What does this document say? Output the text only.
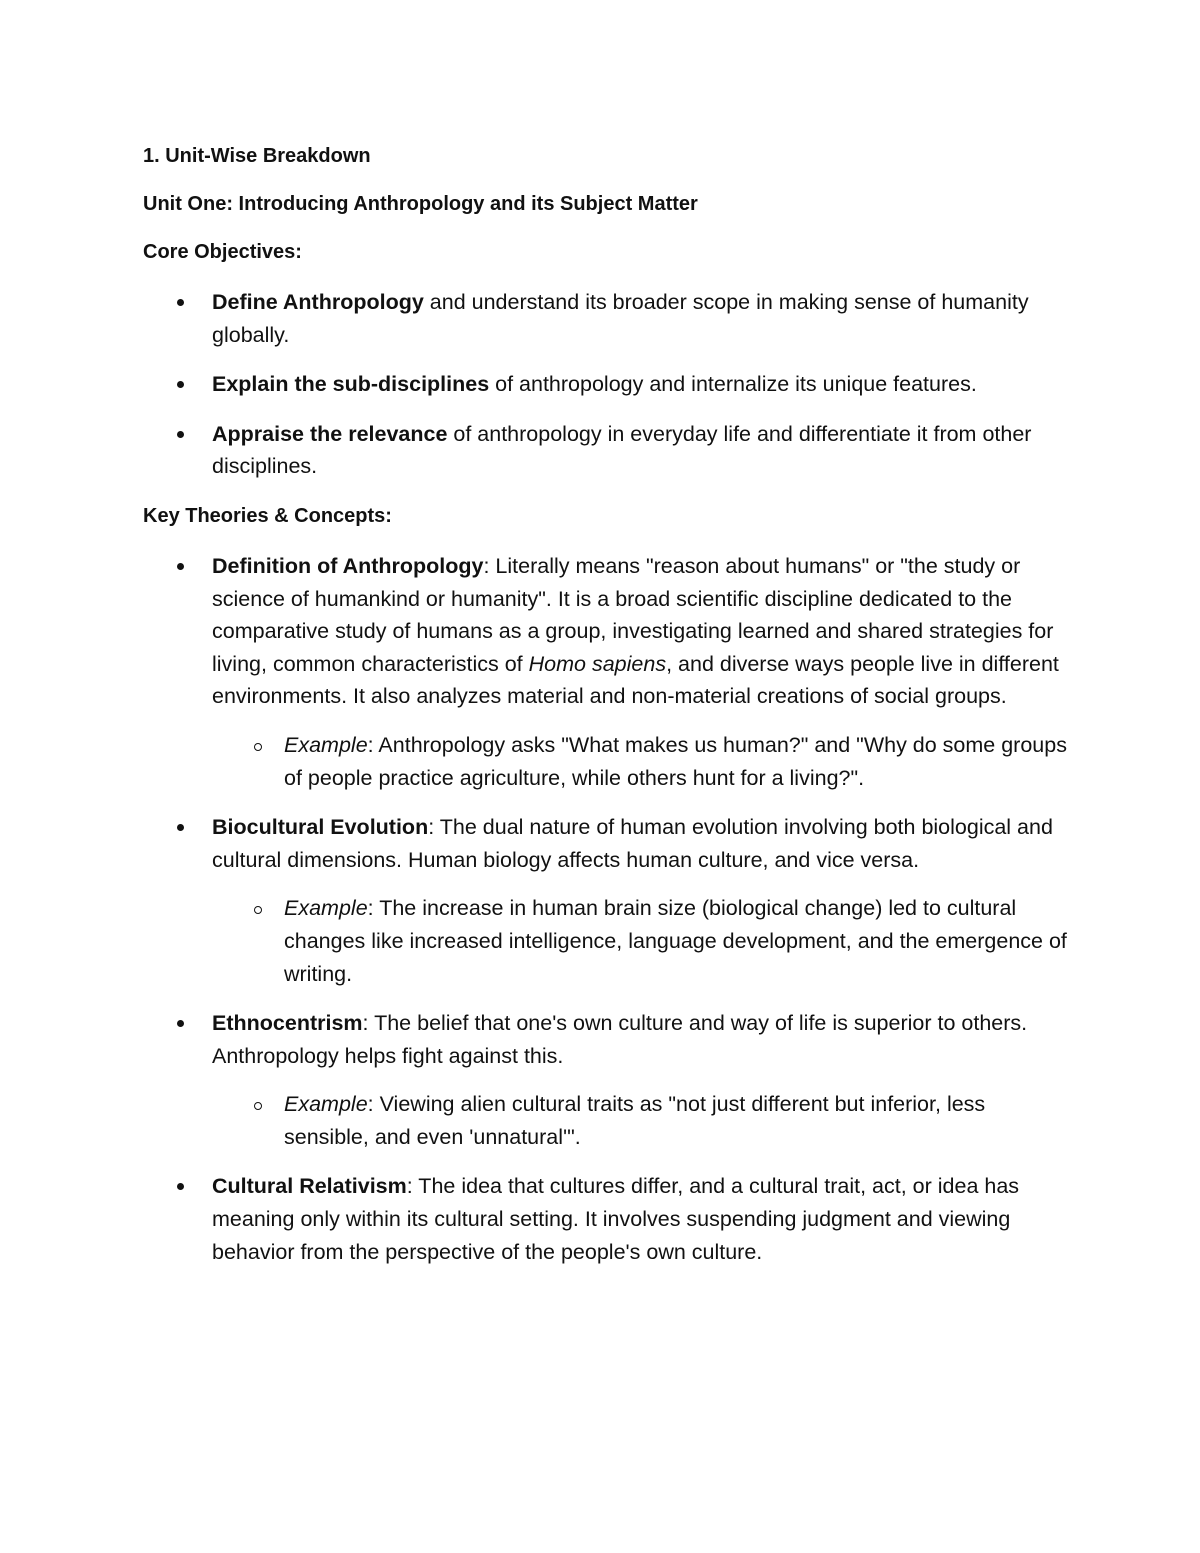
1. Unit-Wise Breakdown

Unit One: Introducing Anthropology and its Subject Matter

Core Objectives:

Define Anthropology and understand its broader scope in making sense of humanity globally.
Explain the sub-disciplines of anthropology and internalize its unique features.
Appraise the relevance of anthropology in everyday life and differentiate it from other disciplines.

Key Theories & Concepts:

Definition of Anthropology: Literally means "reason about humans" or "the study or science of humankind or humanity". It is a broad scientific discipline dedicated to the comparative study of humans as a group, investigating learned and shared strategies for living, common characteristics of Homo sapiens, and diverse ways people live in different environments. It also analyzes material and non-material creations of social groups.
Example: Anthropology asks "What makes us human?" and "Why do some groups of people practice agriculture, while others hunt for a living?".
Biocultural Evolution: The dual nature of human evolution involving both biological and cultural dimensions. Human biology affects human culture, and vice versa.
Example: The increase in human brain size (biological change) led to cultural changes like increased intelligence, language development, and the emergence of writing.
Ethnocentrism: The belief that one's own culture and way of life is superior to others. Anthropology helps fight against this.
Example: Viewing alien cultural traits as "not just different but inferior, less sensible, and even 'unnatural'".
Cultural Relativism: The idea that cultures differ, and a cultural trait, act, or idea has meaning only within its cultural setting. It involves suspending judgment and viewing behavior from the perspective of the people's own culture.
